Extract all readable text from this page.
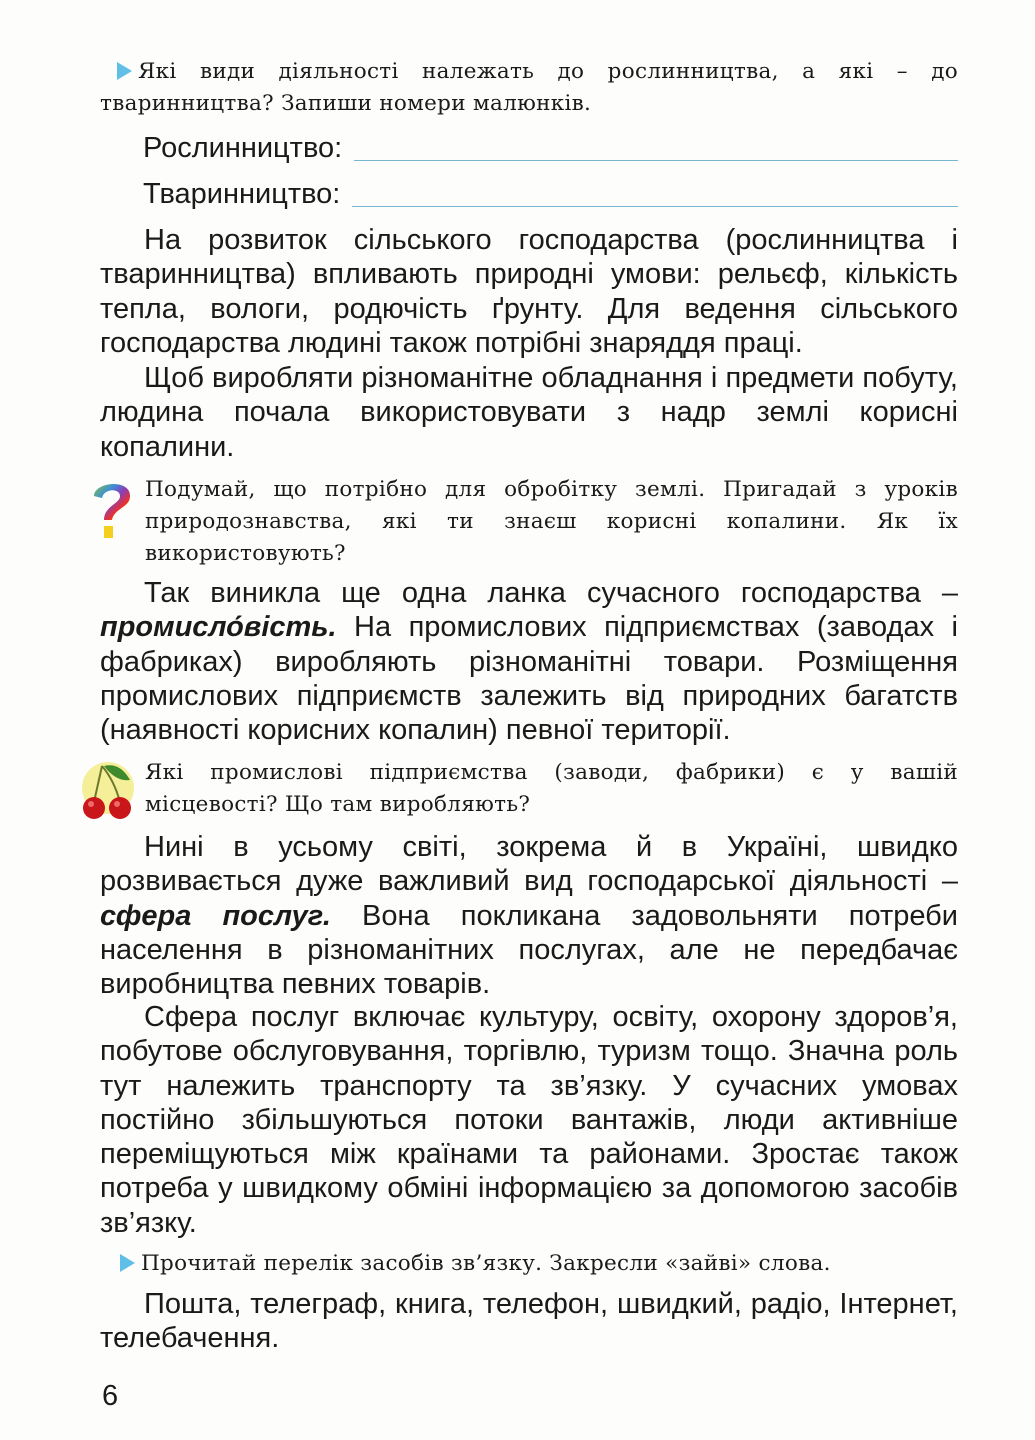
Які види діяльності належать до рослинництва, а які – до тваринництва? Запиши номери малюнків.
Рослинництво:
Тваринництво:
На розвиток сільського господарства (рослинництва і тваринництва) впливають природні умови: рельєф, кількість тепла, вологи, родючість ґрунту. Для ведення сільського господарства людині також потрібні знаряддя праці.
Щоб виробляти різноманітне обладнання і предмети побуту, людина почала використовувати з надр землі корисні копалини.
Подумай, що потрібно для обробітку землі. Пригадай з уроків природознавства, які ти знаєш корисні копалини. Як їх використовують?
Так виникла ще одна ланка сучасного господарства – промисло́вість. На промислових підприємствах (заводах і фабриках) виробляють різноманітні товари. Розміщення промислових підприємств залежить від природних багатств (наявності корисних копалин) певної території.
Які промислові підприємства (заводи, фабрики) є у вашій місцевості? Що там виробляють?
Нині в усьому світі, зокрема й в Україні, швидко розвивається дуже важливий вид господарської діяльності – сфера послуг. Вона покликана задовольняти потреби населення в різноманітних послугах, але не передбачає виробництва певних товарів.
Сфера послуг включає культуру, освіту, охорону здоров’я, побутове обслуговування, торгівлю, туризм тощо. Значна роль тут належить транспорту та зв’язку. У сучасних умовах постійно збільшуються потоки вантажів, люди активніше переміщуються між країнами та районами. Зростає також потреба у швидкому обміні інформацією за допомогою засобів зв’язку.
Прочитай перелік засобів зв’язку. Закресли «зайві» слова.
Пошта, телеграф, книга, телефон, швидкий, радіо, Інтернет, телебачення.
6
